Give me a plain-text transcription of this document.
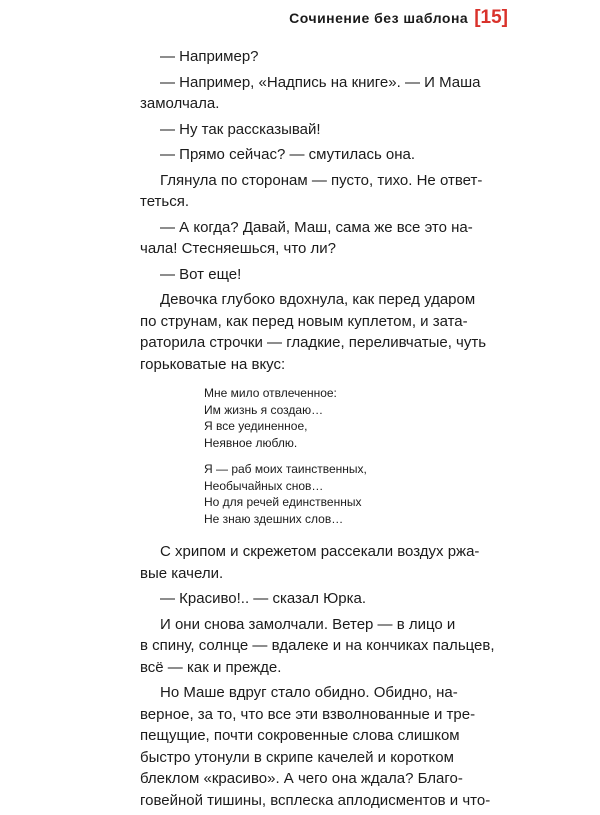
Сочинение без шаблона [15]
— Например?
— Например, «Надпись на книге». — И Маша
замолчала.
— Ну так рассказывай!
— Прямо сейчас? — смутилась она.
Глянула по сторонам — пусто, тихо. Не ответ-
теться.
— А когда? Давай, Маш, сама же все это на-
чала! Стесняешься, что ли?
— Вот еще!
Девочка глубоко вдохнула, как перед ударом
по струнам, как перед новым куплетом, и зата-
раторила строчки — гладкие, переливчатые, чуть
горьковатые на вкус:
Мне мило отвлеченное:
Им жизнь я создаю…
Я все уединенное,
Неявное люблю.
Я — раб моих таинственных,
Необычайных снов…
Но для речей единственных
Не знаю здешних слов…
С хрипом и скрежетом рассекали воздух ржа-
вые качели.
— Красиво!.. — сказал Юрка.
И они снова замолчали. Ветер — в лицо и
в спину, солнце — вдалеке и на кончиках пальцев,
всё — как и прежде.
Но Маше вдруг стало обидно. Обидно, на-
верное, за то, что все эти взволнованные и тре-
пещущие, почти сокровенные слова слишком
быстро утонули в скрипе качелей и коротком
блеклом «красиво». А чего она ждала? Благо-
говейной тишины, всплеска аплодисментов и что-
